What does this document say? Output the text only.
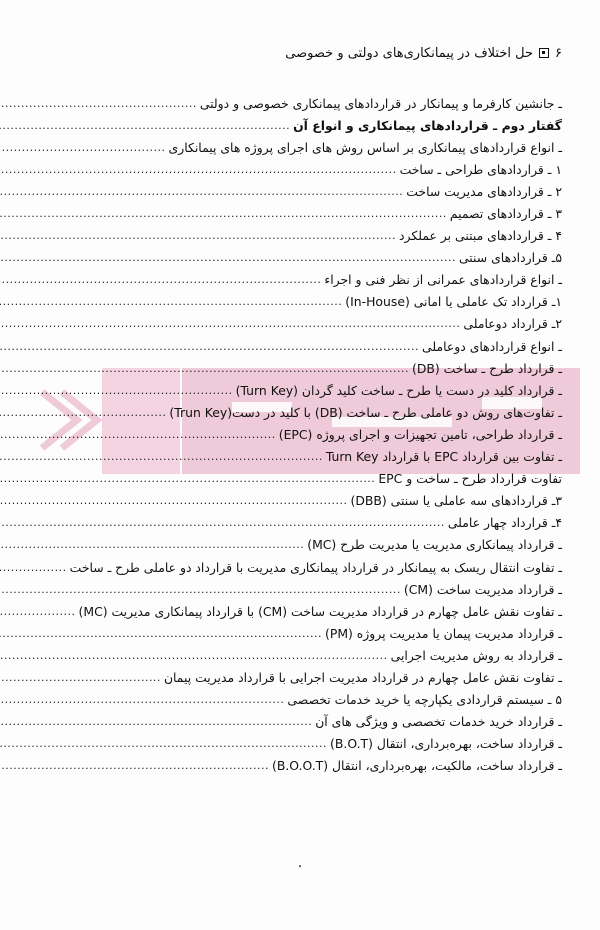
۶
حل اختلاف در پیمانکاری‌های دولتی و خصوصی
ـ جانشین کارفرما و پیمانکار در قراردادهای پیمانکاری خصوصی و دولتی
.....
گفتار دوم ـ قراردادهای پیمانکاری و انواع آن
.....
ـ انواع قراردادهای پیمانکاری بر اساس روش های اجرای پروژه های پیمانکاری
.....
۱ ـ قراردادهای طراحی ـ ساخت
.....
۲ ـ قراردادهای مدیریت ساخت
.....
۳ ـ قراردادهای تصمیم
.....
۴ ـ قراردادهای مبتنی بر عملکرد
.....
۵ـ قراردادهای سنتی
.....
ـ انواع قراردادهای عمرانی از نظر فنی و اجراء
.....
۱ـ قرارداد تک عاملی یا امانی (In-House)
.....
۲ـ قرارداد دوعاملی
.....
ـ انواع قراردادهای دوعاملی
.....
ـ قرارداد طرح ـ ساخت (DB)
.....
ـ قرارداد کلید در دست یا طرح ـ ساخت کلید گردان (Turn Key)
.....
ـ تفاوت‌های روش دو عاملی طرح ـ ساخت (DB) با کلید در دست(Trun Key)
.....
ـ قرارداد طراحی، تامین تجهیزات و اجرای پروژه (EPC)
.....
ـ تفاوت بین قرارداد EPC با قرارداد Turn Key
.....
تفاوت قرارداد طرح ـ ساخت و EPC
.....
۳ـ قراردادهای سه عاملی یا سنتی (DBB)
.....
۴ـ قرارداد چهار عاملی
.....
ـ قرارداد پیمانکاری مدیریت یا مدیریت طرح (MC)
.....
ـ تفاوت انتقال ریسک به پیمانکار در قرارداد پیمانکاری مدیریت با قرارداد دو عاملی طرح ـ ساخت
.....
ـ قرارداد مدیریت ساخت (CM)
.....
ـ تفاوت نقش عامل چهارم در قرارداد مدیریت ساخت (CM) با قرارداد پیمانکاری مدیریت (MC)
.....
ـ قرارداد مدیریت پیمان یا مدیریت پروژه (PM)
.....
ـ قرارداد به روش مدیریت اجرایی
.....
ـ تفاوت نقش عامل چهارم در قرارداد مدیریت اجرایی با قرارداد مدیریت پیمان
.....
۵ ـ سیستم قراردادی یکپارچه یا خرید خدمات تخصصی
.....
ـ قرارداد خرید خدمات تخصصی و ویژگی های آن
.....
ـ قرارداد ساخت، بهره‌برداری، انتقال (B.O.T)
.....
ـ قرارداد ساخت، مالکیت، بهره‌برداری، انتقال (B.O.O.T)
.....
۰
